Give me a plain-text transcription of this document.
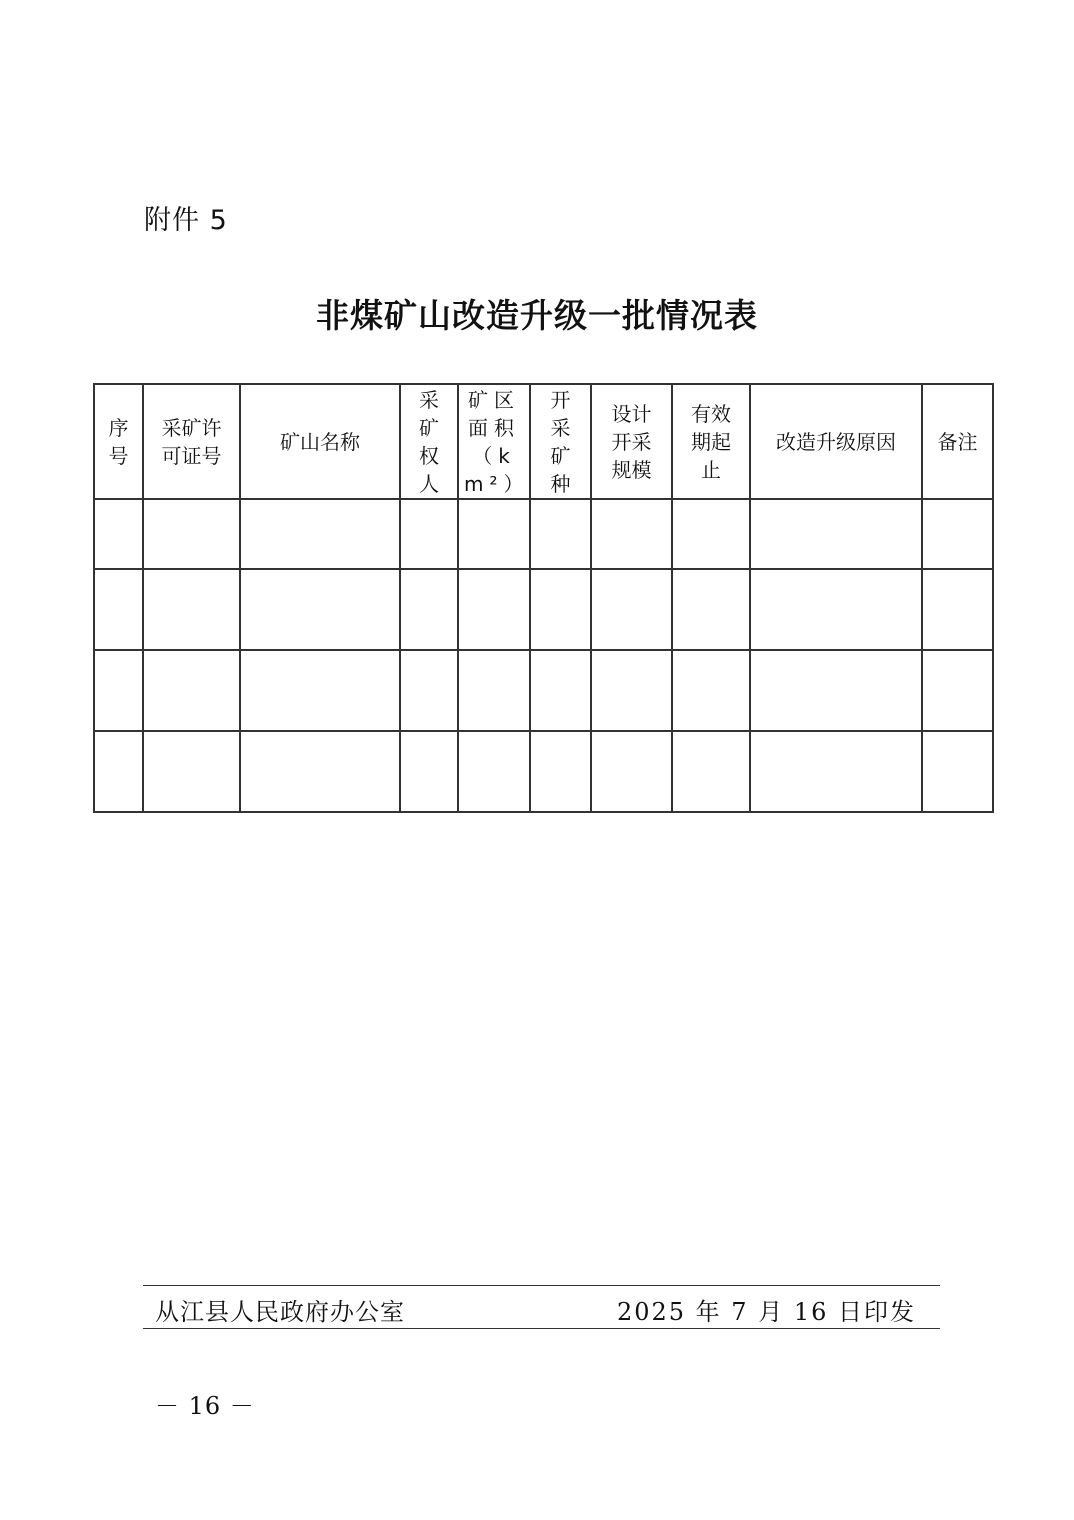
附件 5
非煤矿山改造升级一批情况表
序号	采矿许可证号	矿山名称	采矿权人	矿区面积（km²）	开采矿种	设计开采规模	有效期起止	改造升级原因	备注

从江县人民政府办公室	2025 年 7 月 16 日印发
－ 16 －
